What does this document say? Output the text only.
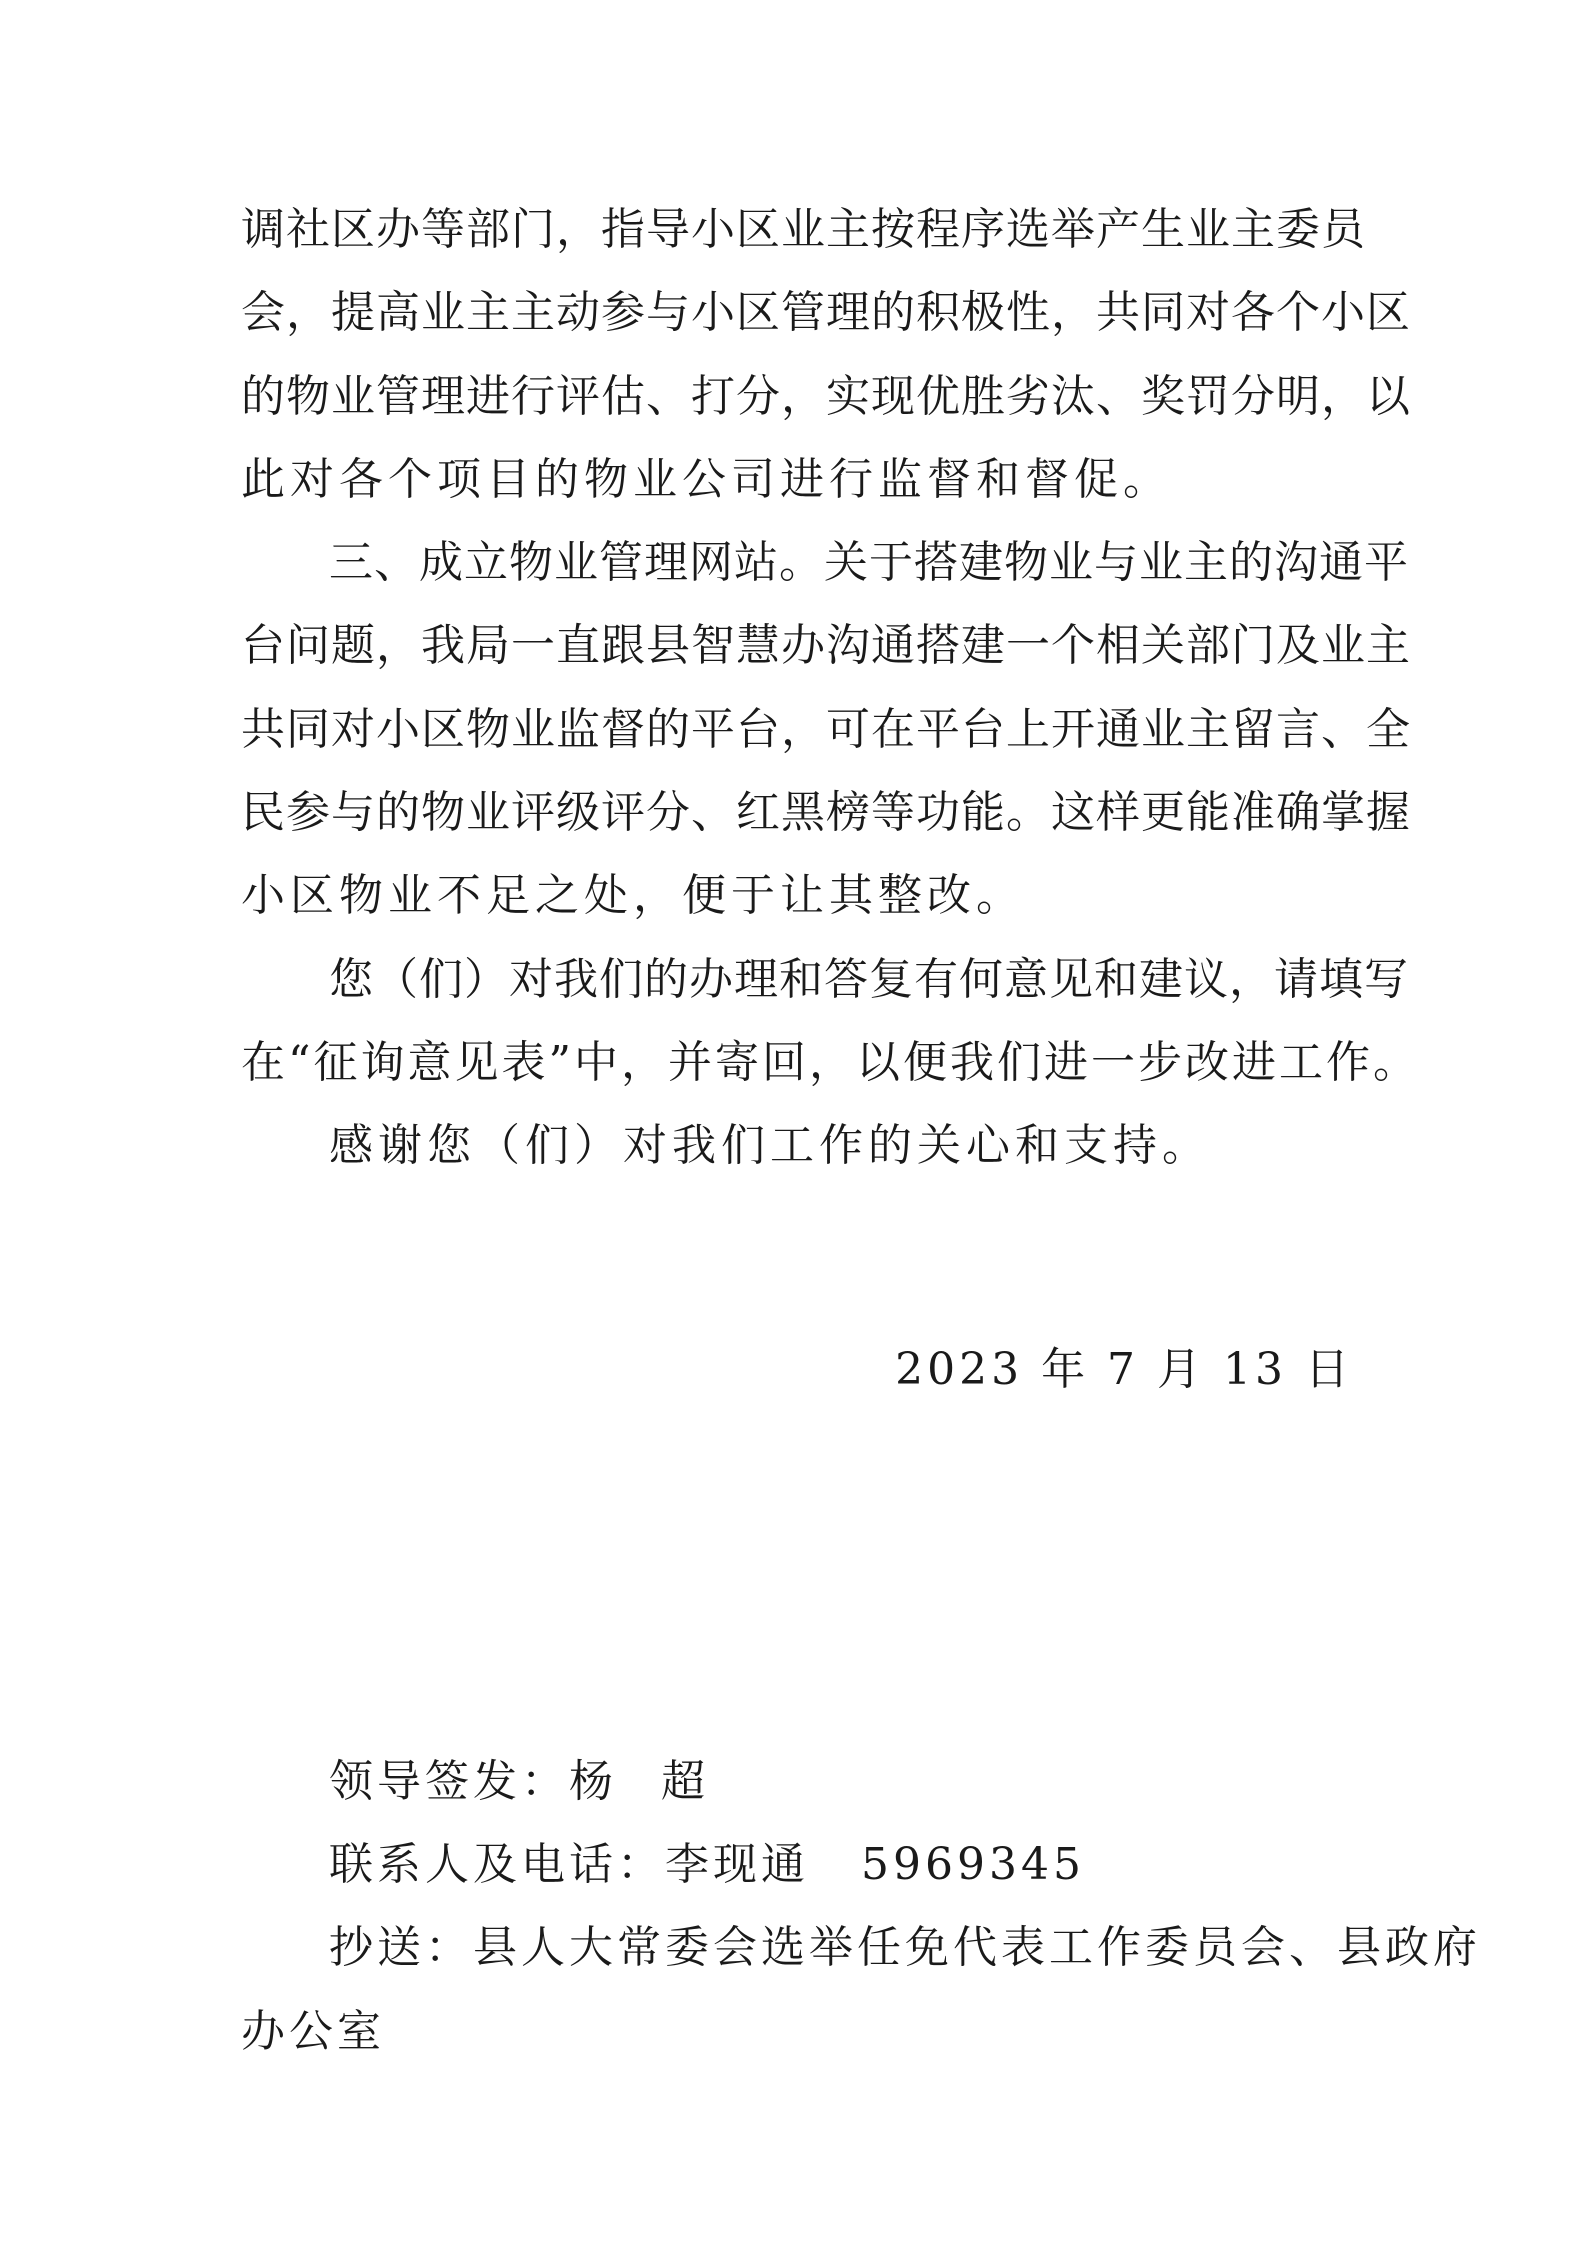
调社区办等部门，指导小区业主按程序选举产生业主委员
会，提高业主主动参与小区管理的积极性，共同对各个小区
的物业管理进行评估、打分，实现优胜劣汰、奖罚分明，以
此对各个项目的物业公司进行监督和督促。
三、成立物业管理网站。关于搭建物业与业主的沟通平
台问题，我局一直跟县智慧办沟通搭建一个相关部门及业主
共同对小区物业监督的平台，可在平台上开通业主留言、全
民参与的物业评级评分、红黑榜等功能。这样更能准确掌握
小区物业不足之处，便于让其整改。
您（们）对我们的办理和答复有何意见和建议，请填写
在“征询意见表”中，并寄回，以便我们进一步改进工作。
感谢您（们）对我们工作的关心和支持。
2023 年 7 月 13 日
领导签发：杨 超
联系人及电话：李现通 5969345
抄送：县人大常委会选举任免代表工作委员会、县政府
办公室
